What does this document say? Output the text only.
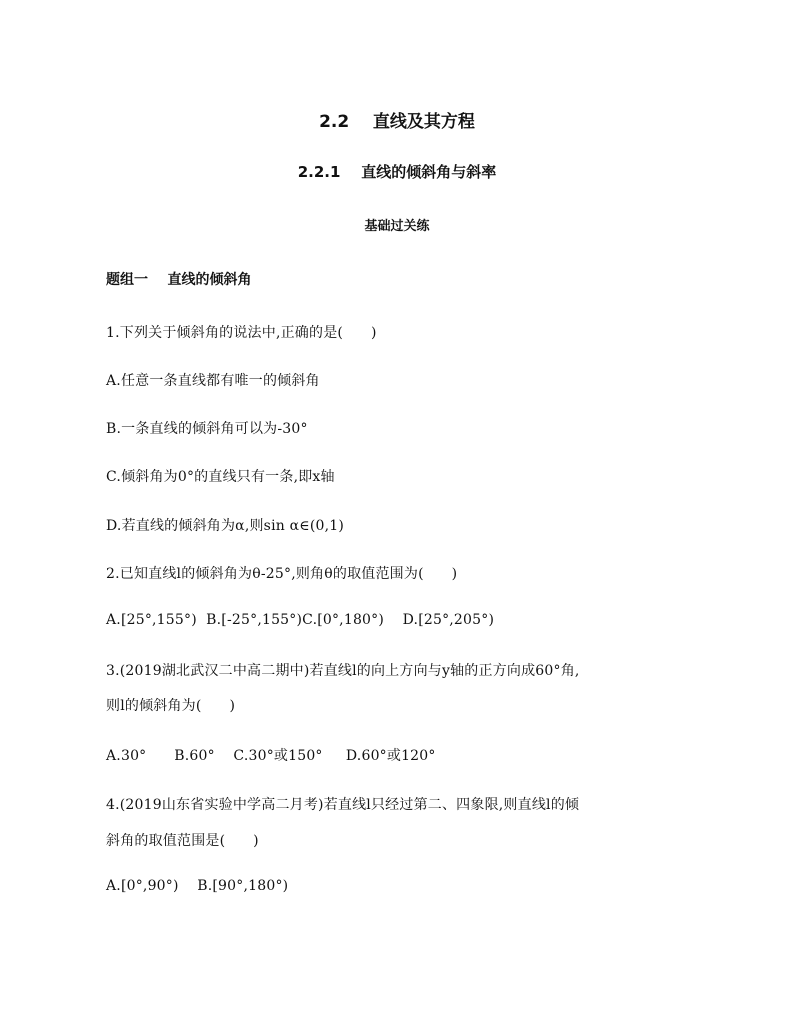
2.2    直线及其方程
2.2.1    直线的倾斜角与斜率
基础过关练
题组一    直线的倾斜角
1.下列关于倾斜角的说法中,正确的是(      )
A.任意一条直线都有唯一的倾斜角
B.一条直线的倾斜角可以为-30°
C.倾斜角为0°的直线只有一条,即x轴
D.若直线的倾斜角为α,则sin α∈(0,1)
2.已知直线l的倾斜角为θ-25°,则角θ的取值范围为(      )
A.[25°,155°)  B.[-25°,155°)C.[0°,180°)    D.[25°,205°)
3.(2019湖北武汉二中高二期中)若直线l的向上方向与y轴的正方向成60°角,
则l的倾斜角为(      )
A.30°      B.60°    C.30°或150°     D.60°或120°
4.(2019山东省实验中学高二月考)若直线l只经过第二、四象限,则直线l的倾
斜角的取值范围是(      )
A.[0°,90°)    B.[90°,180°)
